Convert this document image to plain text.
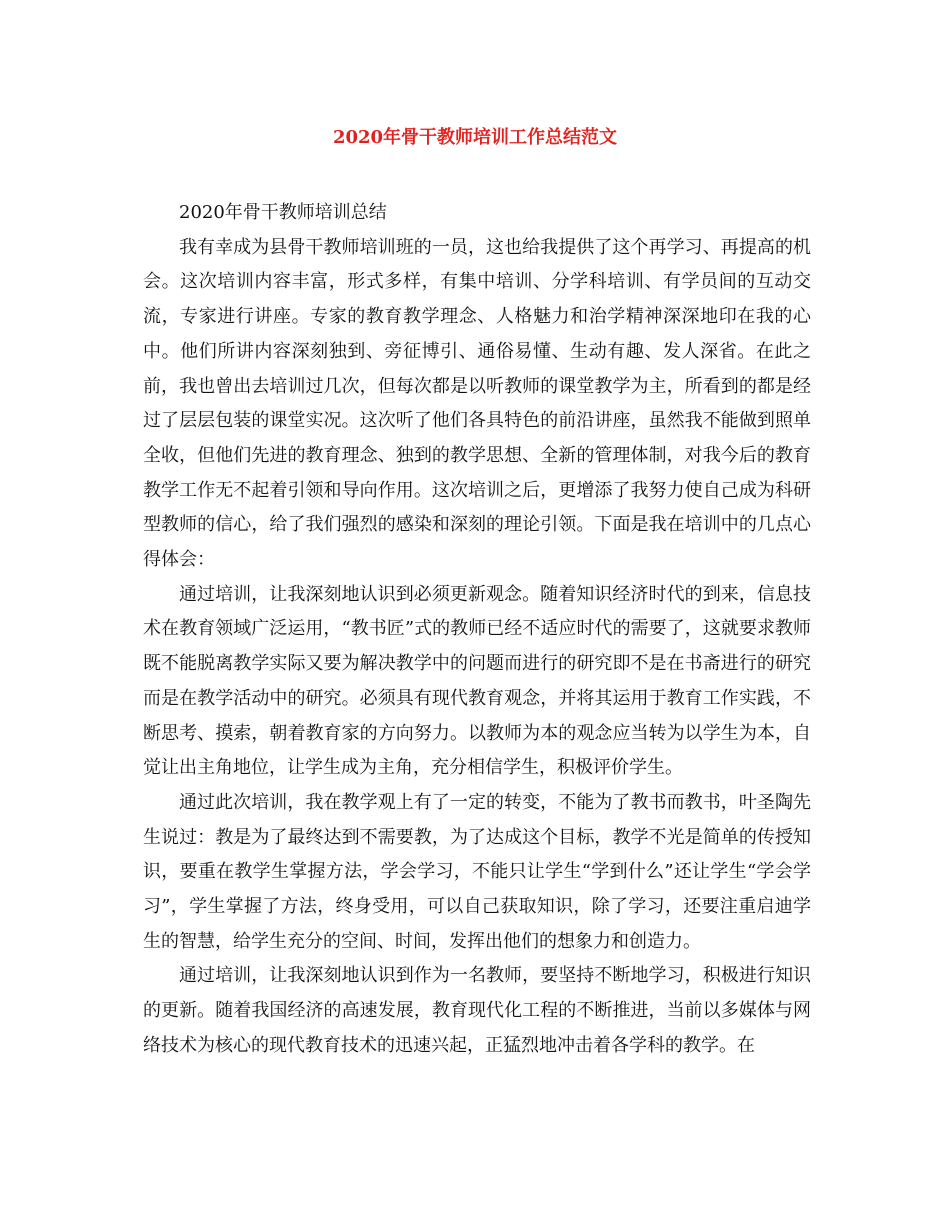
2020年骨干教师培训工作总结范文

2020年骨干教师培训总结

我有幸成为县骨干教师培训班的一员，这也给我提供了这个再学习、再提高的机会。这次培训内容丰富，形式多样，有集中培训、分学科培训、有学员间的互动交流，专家进行讲座。专家的教育教学理念、人格魅力和治学精神深深地印在我的心中。他们所讲内容深刻独到、旁征博引、通俗易懂、生动有趣、发人深省。在此之前，我也曾出去培训过几次，但每次都是以听教师的课堂教学为主，所看到的都是经过了层层包装的课堂实况。这次听了他们各具特色的前沿讲座，虽然我不能做到照单全收，但他们先进的教育理念、独到的教学思想、全新的管理体制，对我今后的教育教学工作无不起着引领和导向作用。这次培训之后，更增添了我努力使自己成为科研型教师的信心，给了我们强烈的感染和深刻的理论引领。下面是我在培训中的几点心得体会：

通过培训，让我深刻地认识到必须更新观念。随着知识经济时代的到来，信息技术在教育领域广泛运用，“教书匠”式的教师已经不适应时代的需要了，这就要求教师既不能脱离教学实际又要为解决教学中的问题而进行的研究即不是在书斋进行的研究而是在教学活动中的研究。必须具有现代教育观念，并将其运用于教育工作实践，不断思考、摸索，朝着教育家的方向努力。以教师为本的观念应当转为以学生为本，自觉让出主角地位，让学生成为主角，充分相信学生，积极评价学生。

通过此次培训，我在教学观上有了一定的转变，不能为了教书而教书，叶圣陶先生说过：教是为了最终达到不需要教，为了达成这个目标，教学不光是简单的传授知识，要重在教学生掌握方法，学会学习，不能只让学生“学到什么”还让学生“学会学习”，学生掌握了方法，终身受用，可以自己获取知识，除了学习，还要注重启迪学生的智慧，给学生充分的空间、时间，发挥出他们的想象力和创造力。

通过培训，让我深刻地认识到作为一名教师，要坚持不断地学习，积极进行知识的更新。随着我国经济的高速发展，教育现代化工程的不断推进，当前以多媒体与网络技术为核心的现代教育技术的迅速兴起，正猛烈地冲击着各学科的教学。在
